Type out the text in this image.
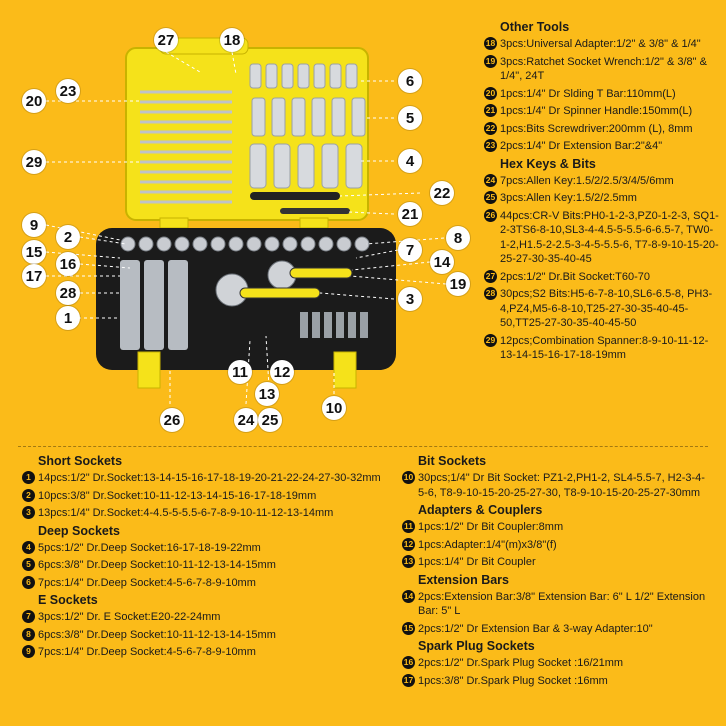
27	18
23
20
6
5
29	4
22
21
9
2	8
15
16
7
14
17	19
28	3
1
11 12
13
26	24 25
10
Other Tools
18 3pcs:Universal Adapter:1/2" & 3/8" & 1/4"
19 3pcs:Ratchet Socket Wrench:1/2" & 3/8" & 1/4", 24T
20 1pcs:1/4" Dr Slding T Bar:110mm(L)
21 1pcs:1/4" Dr Spinner Handle:150mm(L)
22 1pcs:Bits Screwdriver:200mm (L), 8mm
23 2pcs:1/4" Dr Extension Bar:2"&4"
Hex Keys & Bits
24 7pcs:Allen Key:1.5/2/2.5/3/4/5/6mm
25 3pcs:Allen Key:1.5/2/2.5mm
26 44pcs:CR-V Bits:PH0-1-2-3,PZ0-1-2-3, SQ1-2-3TS6-8-10,SL3-4-4.5-5-5.5-6-6.5-7, TW0-1-2,H1.5-2-2.5-3-4-5-5.5-6, T7-8-9-10-15-20-25-27-30-35-40-45
27 2pcs:1/2" Dr.Bit Socket:T60-70
28 30pcs;S2 Bits:H5-6-7-8-10,SL6-6.5-8, PH3-4,PZ4,M5-6-8-10,T25-27-30-35-40-45-50,TT25-27-30-35-40-45-50
29 12pcs;Combination Spanner:8-9-10-11-12-13-14-15-16-17-18-19mm
Short Sockets
1 14pcs:1/2" Dr.Socket:13-14-15-16-17-18-19-20-21-22-24-27-30-32mm
2 10pcs:3/8" Dr.Socket:10-11-12-13-14-15-16-17-18-19mm
3 13pcs:1/4" Dr.Socket:4-4.5-5-5.5-6-7-8-9-10-11-12-13-14mm
Deep Sockets
4 5pcs:1/2" Dr.Deep Socket:16-17-18-19-22mm
5 6pcs:3/8" Dr.Deep Socket:10-11-12-13-14-15mm
6 7pcs:1/4" Dr.Deep Socket:4-5-6-7-8-9-10mm
E Sockets
7 3pcs:1/2" Dr. E Socket:E20-22-24mm
8 6pcs:3/8" Dr.Deep Socket:10-11-12-13-14-15mm
9 7pcs:1/4" Dr.Deep Socket:4-5-6-7-8-9-10mm
Bit Sockets
10 30pcs;1/4" Dr Bit Socket: PZ1-2,PH1-2, SL4-5.5-7, H2-3-4-5-6, T8-9-10-15-20-25-27-30, T8-9-10-15-20-25-27-30mm
Adapters & Couplers
11 1pcs:1/2" Dr Bit Coupler:8mm
12 1pcs:Adapter:1/4"(m)x3/8"(f)
13 1pcs:1/4" Dr Bit Coupler
Extension Bars
14 2pcs:Extension Bar:3/8" Extension Bar: 6" L 1/2" Extension Bar: 5" L
15 2pcs:1/2" Dr Extension Bar & 3-way Adapter:10"
Spark Plug Sockets
16 2pcs:1/2" Dr.Spark Plug Socket :16/21mm
17 1pcs:3/8" Dr.Spark Plug Socket :16mm
